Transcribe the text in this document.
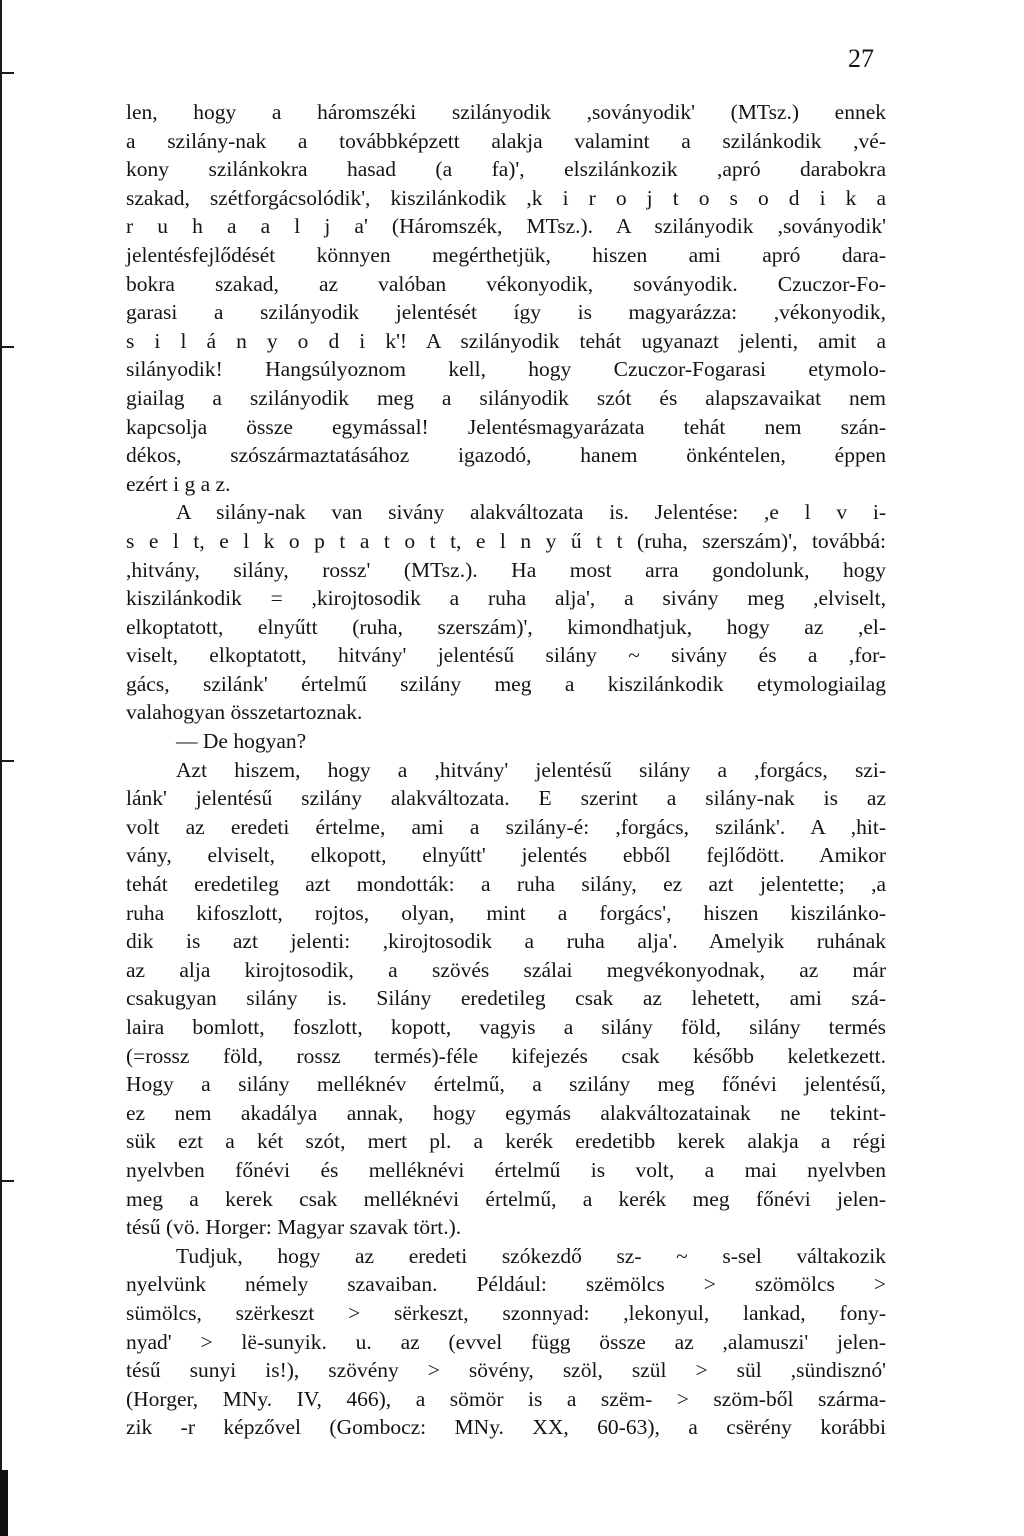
27
len, hogy a háromszéki szilányodik ,soványodik' (MTsz.) ennek
a szilány-nak a továbbképzett alakja valamint a szilánkodik ,vé-
kony szilánkokra hasad (a fa)', elszilánkozik ,apró darabokra
szakad, szétforgácsolódik', kiszilánkodik ,k i r o j t o s o d i k a
r u h a a l j a' (Háromszék, MTsz.). A szilányodik ,soványodik'
jelentésfejlődését könnyen megérthetjük, hiszen ami apró dara-
bokra szakad, az valóban vékonyodik, soványodik. Czuczor-Fo-
garasi a szilányodik jelentését így is magyarázza: ,vékonyodik,
s i l á n y o d i k'! A szilányodik tehát ugyanazt jelenti, amit a
silányodik! Hangsúlyoznom kell, hogy Czuczor-Fogarasi etymolo-
giailag a szilányodik meg a silányodik szót és alapszavaikat nem
kapcsolja össze egymással! Jelentésmagyarázata tehát nem szán-
dékos, szószármaztatásához igazodó, hanem önkéntelen, éppen
ezért i g a z.
A silány-nak van sivány alakváltozata is. Jelentése: ,e l v i-
s e l t, e l k o p t a t o t t, e l n y ű t t (ruha, szerszám)', továbbá:
,hitvány, silány, rossz' (MTsz.). Ha most arra gondolunk, hogy
kiszilánkodik = ,kirojtosodik a ruha alja', a sivány meg ,elviselt,
elkoptatott, elnyűtt (ruha, szerszám)', kimondhatjuk, hogy az ,el-
viselt, elkoptatott, hitvány' jelentésű silány ~ sivány és a ,for-
gács, szilánk' értelmű szilány meg a kiszilánkodik etymologiailag
valahogyan összetartoznak.
— De hogyan?
Azt hiszem, hogy a ,hitvány' jelentésű silány a ,forgács, szi-
lánk' jelentésű szilány alakváltozata. E szerint a silány-nak is az
volt az eredeti értelme, ami a szilány-é: ,forgács, szilánk'. A ,hit-
vány, elviselt, elkopott, elnyűtt' jelentés ebből fejlődött. Amikor
tehát eredetileg azt mondották: a ruha silány, ez azt jelentette; ,a
ruha kifoszlott, rojtos, olyan, mint a forgács', hiszen kiszilánko-
dik is azt jelenti: ,kirojtosodik a ruha alja'. Amelyik ruhának
az alja kirojtosodik, a szövés szálai megvékonyodnak, az már
csakugyan silány is. Silány eredetileg csak az lehetett, ami szá-
laira bomlott, foszlott, kopott, vagyis a silány föld, silány termés
(=rossz föld, rossz termés)-féle kifejezés csak később keletkezett.
Hogy a silány melléknév értelmű, a szilány meg főnévi jelentésű,
ez nem akadálya annak, hogy egymás alakváltozatainak ne tekint-
sük ezt a két szót, mert pl. a kerék eredetibb kerek alakja a régi
nyelvben főnévi és melléknévi értelmű is volt, a mai nyelvben
meg a kerek csak melléknévi értelmű, a kerék meg főnévi jelen-
tésű (vö. Horger: Magyar szavak tört.).
Tudjuk, hogy az eredeti szókezdő sz- ~ s-sel váltakozik
nyelvünk némely szavaiban. Például: szëmölcs > szömölcs >
sümölcs, szërkeszt > sërkeszt, szonnyad: ,lekonyul, lankad, fony-
nyad' > lë-sunyik. u. az (evvel függ össze az ,alamuszi' jelen-
tésű sunyi is!), szövény > sövény, szöl, szül > sül ,sündisznó'
(Horger, MNy. IV, 466), a sömör is a szëm- > szöm-ből szárma-
zik -r képzővel (Gombocz: MNy. XX, 60-63), a csërény korábbi
